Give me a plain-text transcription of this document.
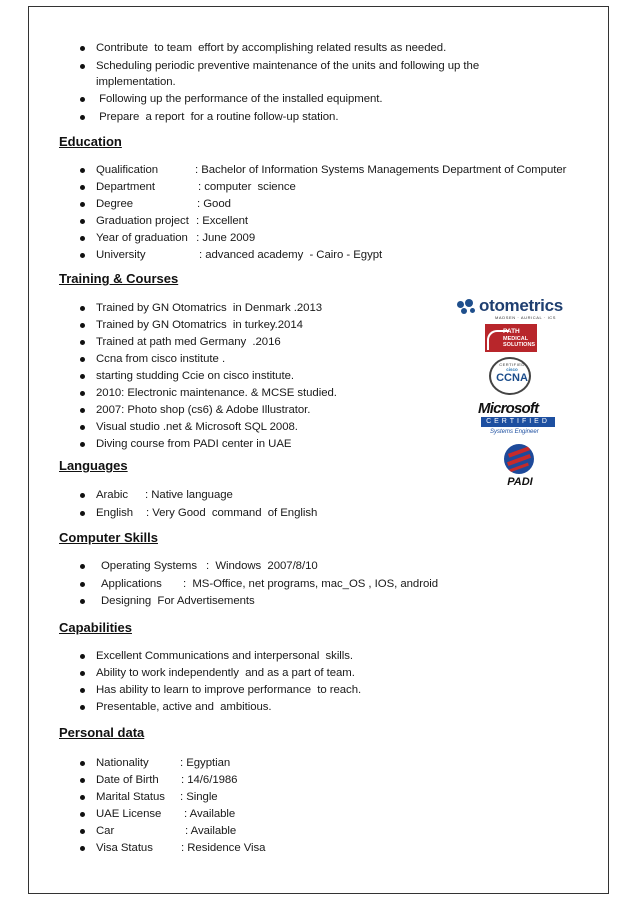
Contribute  to team  effort by accomplishing related results as needed.
Scheduling periodic preventive maintenance of the units and following up the
implementation.
Following up the performance of the installed equipment.
Prepare  a report  for a routine follow-up station.
Education
Qualification	: Bachelor of Information Systems Managements Department of Computer
Department	: computer  science
Degree	: Good
Graduation project : Excellent
Year of graduation : June 2009
University	: advanced academy  - Cairo - Egypt
Training & Courses
Trained by GN Otomatrics  in Denmark .2013
Trained by GN Otomatrics  in turkey.2014
Trained at path med Germany  .2016
Ccna from cisco institute .
starting studding Ccie on cisco institute.
2010: Electronic maintenance. & MCSE studied.
2007: Photo shop (cs6) & Adobe Illustrator.
Visual studio .net & Microsoft SQL 2008.
Diving course from PADI center in UAE
otometrics
MADSEN · AURICAL · ICS
PATH
MEDICAL
SOLUTIONS
CERTIFIED
cisco
CCNA
Microsoft
CERTIFIED
Systems Engineer
PADI
Languages
Arabic : Native language
English : Very Good  command  of English
Computer Skills
Operating Systems :  Windows  2007/8/10
Applications :  MS-Office, net programs, mac_OS , IOS, android
Designing  For Advertisements
Capabilities
Excellent Communications and interpersonal  skills.
Ability to work independently  and as a part of team.
Has ability to learn to improve performance  to reach.
Presentable, active and  ambitious.
Personal data
Nationality	: Egyptian
Date of Birth : 14/6/1986
Marital Status : Single
UAE License : Available
Car	: Available
Visa Status : Residence Visa
